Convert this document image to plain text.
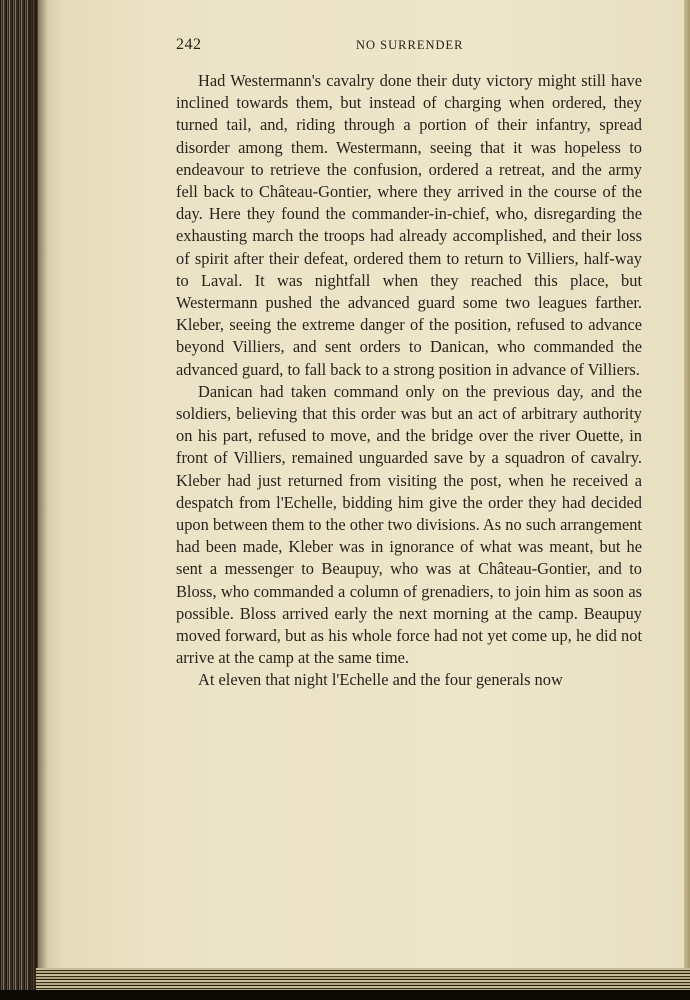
242	NO SURRENDER

Had Westermann's cavalry done their duty victory might still have inclined towards them, but instead of charging when ordered, they turned tail, and, riding through a portion of their infantry, spread disorder among them. Westermann, seeing that it was hopeless to endeavour to retrieve the confusion, ordered a retreat, and the army fell back to Château-Gontier, where they arrived in the course of the day. Here they found the commander-in-chief, who, disregarding the exhausting march the troops had already accomplished, and their loss of spirit after their defeat, ordered them to return to Villiers, half-way to Laval. It was nightfall when they reached this place, but Westermann pushed the advanced guard some two leagues farther. Kleber, seeing the extreme danger of the position, refused to advance beyond Villiers, and sent orders to Danican, who commanded the advanced guard, to fall back to a strong position in advance of Villiers.

Danican had taken command only on the previous day, and the soldiers, believing that this order was but an act of arbitrary authority on his part, refused to move, and the bridge over the river Ouette, in front of Villiers, remained unguarded save by a squadron of cavalry. Kleber had just returned from visiting the post, when he received a despatch from l'Echelle, bidding him give the order they had decided upon between them to the other two divisions. As no such arrangement had been made, Kleber was in ignorance of what was meant, but he sent a messenger to Beaupuy, who was at Château-Gontier, and to Bloss, who commanded a column of grenadiers, to join him as soon as possible. Bloss arrived early the next morning at the camp. Beaupuy moved forward, but as his whole force had not yet come up, he did not arrive at the camp at the same time.

At eleven that night l'Echelle and the four generals now
